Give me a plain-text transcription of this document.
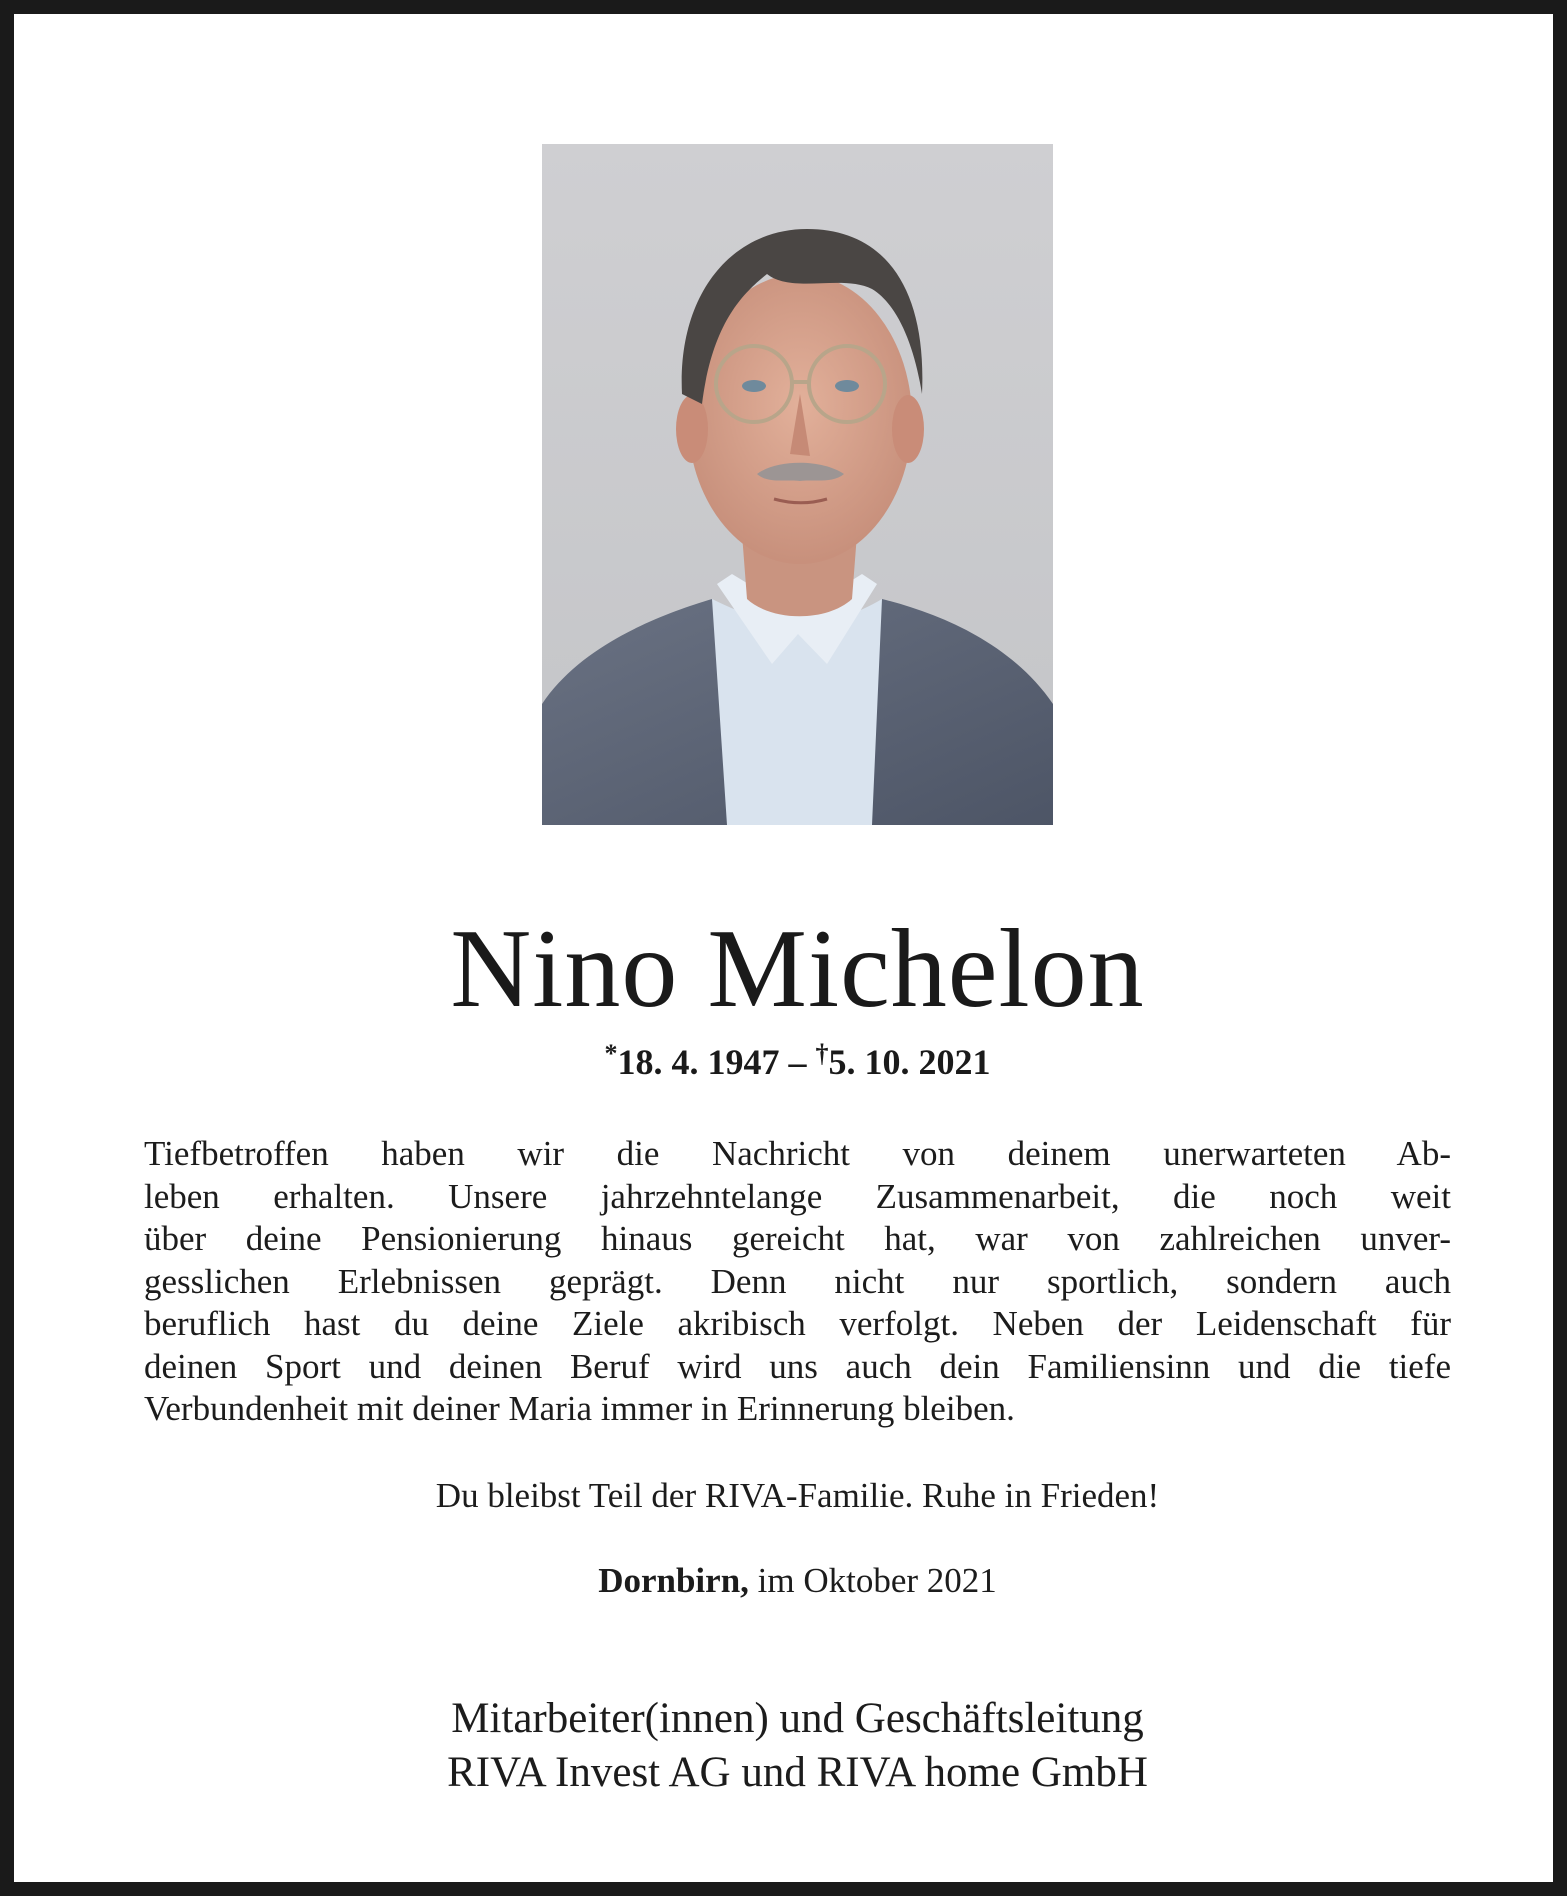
Nino Michelon
*18. 4. 1947 – †5. 10. 2021
Tiefbetroffen haben wir die Nachricht von deinem unerwarteten Ab-
leben erhalten. Unsere jahrzehntelange Zusammenarbeit, die noch weit
über deine Pensionierung hinaus gereicht hat, war von zahlreichen unver-
gesslichen Erlebnissen geprägt. Denn nicht nur sportlich, sondern auch
beruflich hast du deine Ziele akribisch verfolgt. Neben der Leidenschaft für
deinen Sport und deinen Beruf wird uns auch dein Familiensinn und die tiefe
Verbundenheit mit deiner Maria immer in Erinnerung bleiben.
Du bleibst Teil der RIVA-Familie. Ruhe in Frieden!
Dornbirn, im Oktober 2021
Mitarbeiter(innen) und Geschäftsleitung
RIVA Invest AG und RIVA home GmbH
